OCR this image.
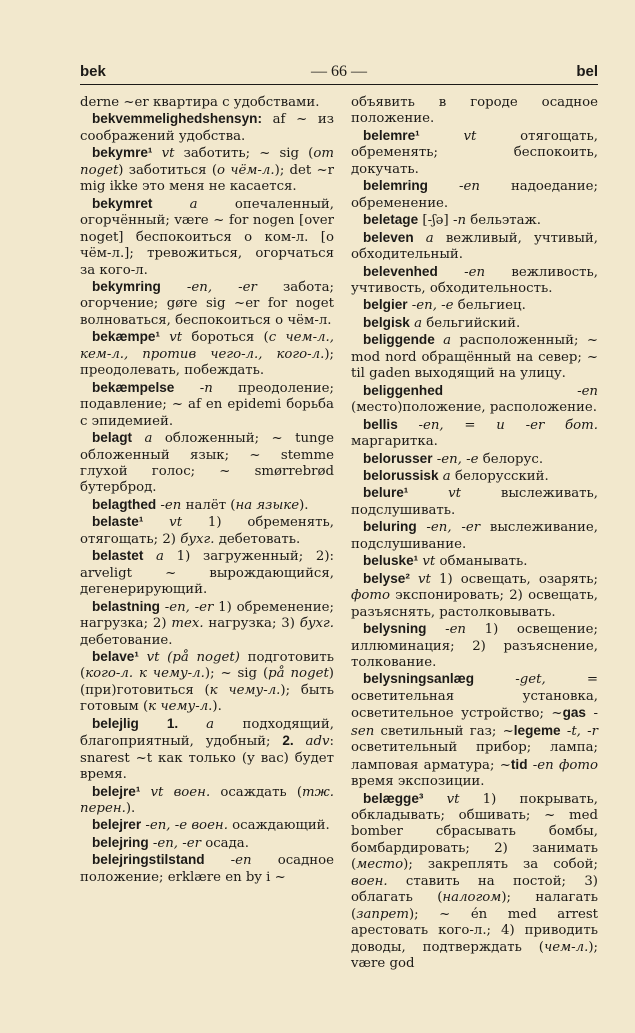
— 66 —
bek	bel

derne ~er квартира с удобствами.

bekvemmelighedshensyn: af ~ из соображений удобства.

bekymre¹ vt заботить; ~ sig (om noget) заботиться (о чём-л.); det ~r mig ikke это меня не касается.

bekymret a опечаленный, огорчённый; være ~ for nogen [over noget] беспокоиться о ком-л. [о чём-л.]; тревожиться, огорчаться за кого-л.

bekymring -en, -er забота; огорчение; gøre sig ~er for noget волноваться, беспокоиться о чём-л.

bekæmpe¹ vt бороться (с чем-л., кем-л., против чего-л., кого-л.); преодолевать, побеждать.

bekæmpelse -n преодоление; подавление; ~ af en epidemi борьба с эпидемией.

belagt a обложенный; ~ tunge обложенный язык; ~ stemme глухой голос; ~ smørrebrød бутерброд.

belagthed -en налёт (на языке).

belaste¹ vt 1) обременять, отягощать; 2) бухг. дебетовать.

belastet a 1) загруженный; 2): arveligt ~ вырождающийся, дегенерирующий.

belastning -en, -er 1) обременение; нагрузка; 2) тех. нагрузка; 3) бухг. дебетование.

belave¹ vt (på noget) подготовить (кого-л. к чему-л.); ~ sig (på noget) (при)готовиться (к чему-л.); быть готовым (к чему-л.).

belejlig 1. a подходящий, благоприятный, удобный; 2. adv: snarest ~t как только (у вас) будет время.

belejre¹ vt воен. осаждать (тж. перен.).

belejrer -en, -e воен. осаждающий.

belejring -en, -er осада.

belejringstilstand -en осадное положение; erklære en by i ~

объявить в городе осадное положение.

belemre¹ vt отягощать, обременять; беспокоить, докучать.

belemring -en надоедание; обременение.

beletage [-ʃə] -n бельэтаж.

beleven a вежливый, учтивый, обходительный.

belevenhed -en вежливость, учтивость, обходительность.

belgier -en, -e бельгиец.

belgisk a бельгийский.

beliggende a расположенный; ~ mod nord обращённый на север; ~ til gaden выходящий на улицу.

beliggenhed -en (место)положение, расположение.

bellis -en, = u -er бот. маргаритка.

belorusser -en, -e белорус.

belorussisk a белорусский.

belure¹ vt выслеживать, подслушивать.

beluring -en, -er выслеживание, подслушивание.

beluske¹ vt обманывать.

belyse² vt 1) освещать, озарять; фото экспонировать; 2) освещать, разъяснять, растолковывать.

belysning -en 1) освещение; иллюминация; 2) разъяснение, толкование.

belysningsanlæg -get, = осветительная установка, осветительное устройство; ~gas -sen светильный газ; ~legeme -t, -r осветительный прибор; лампа; ламповая арматура; ~tid -en фото время экспозиции.

belægge³ vt 1) покрывать, обкладывать; обшивать; ~ med bomber сбрасывать бомбы, бомбардировать; 2) занимать (место); закреплять за собой; воен. ставить на постой; 3) облагать (налогом); налагать (запрет); ~ én med arrest арестовать кого-л.; 4) приводить доводы, подтверждать (чем-л.); være god
